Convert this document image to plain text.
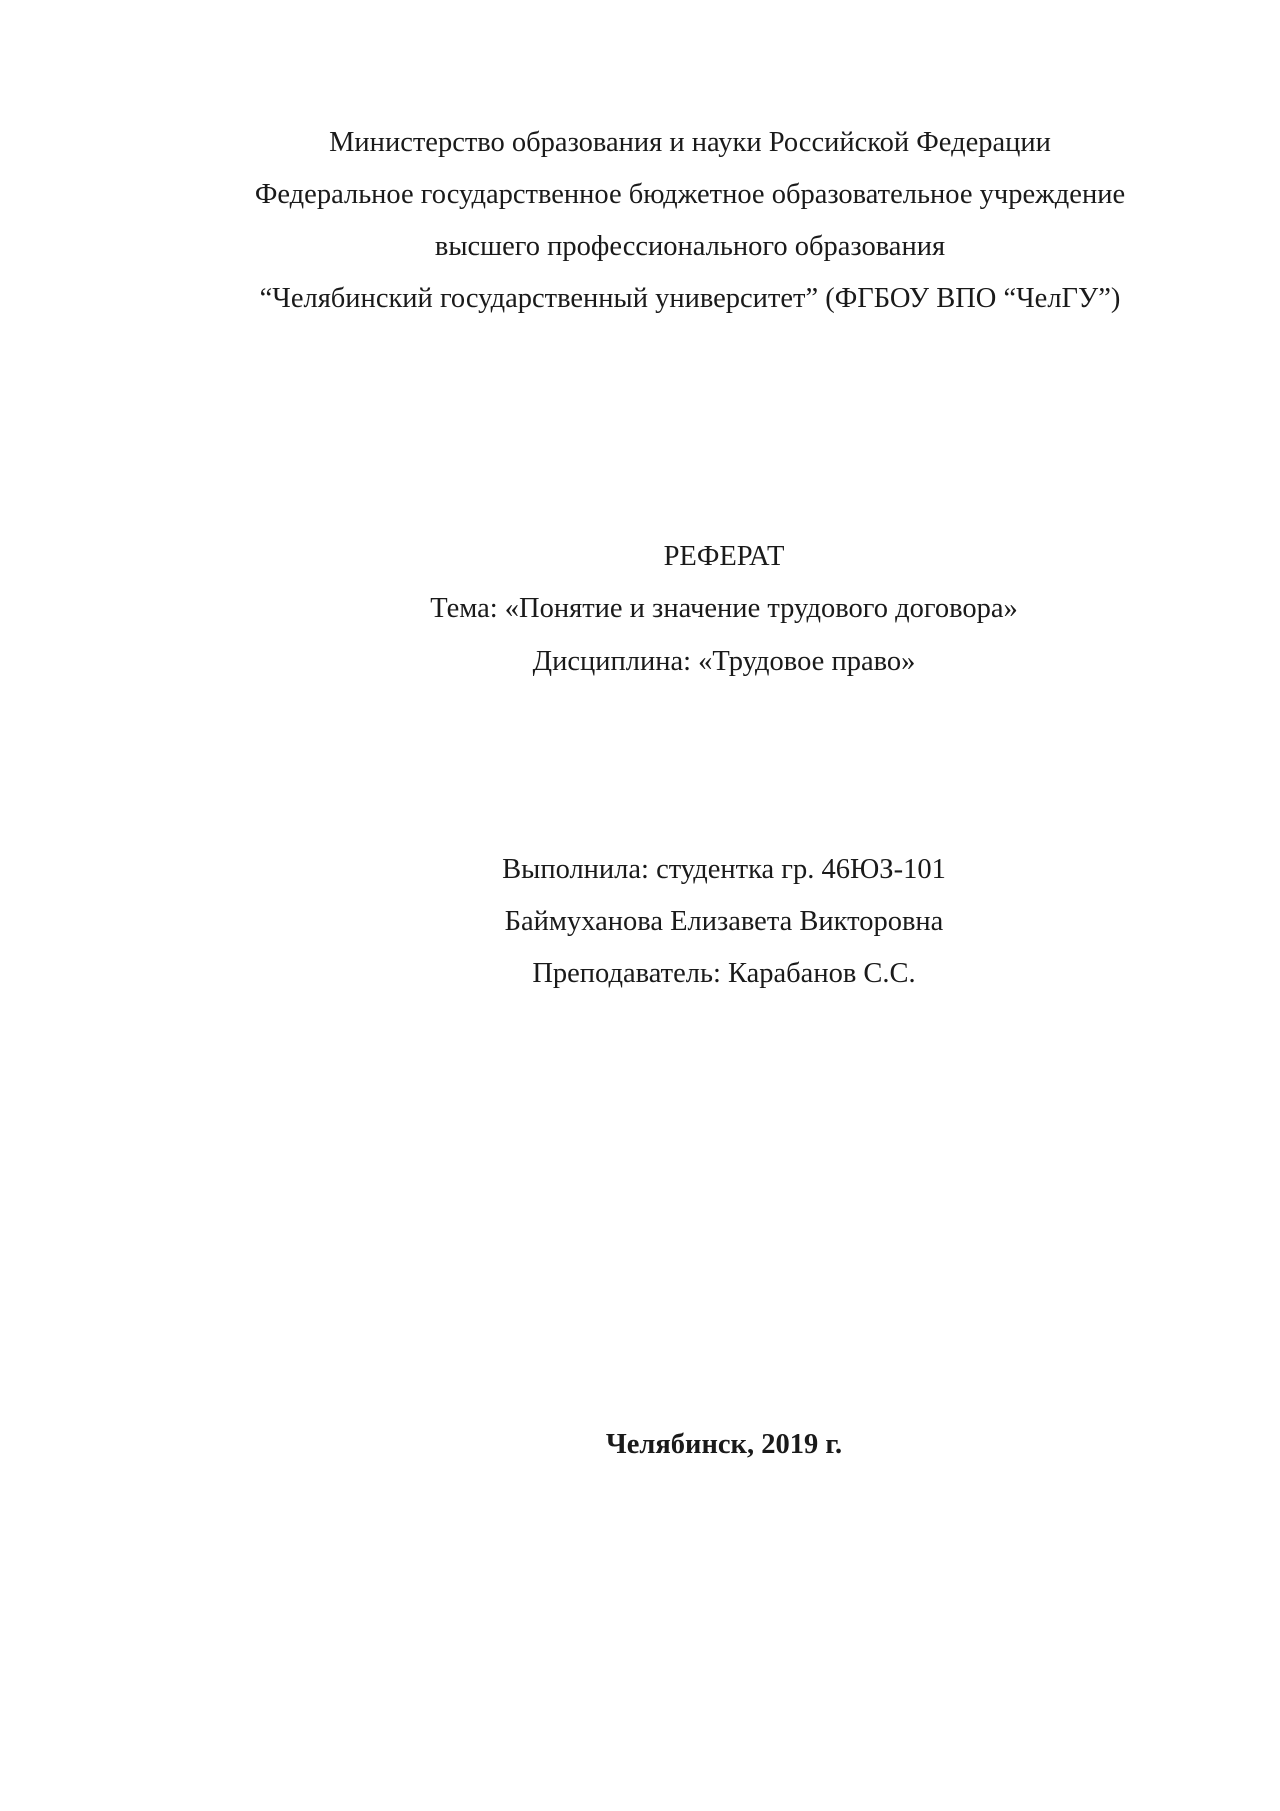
Министерство образования и науки Российской Федерации
Федеральное государственное бюджетное образовательное учреждение
высшего профессионального образования
“Челябинский государственный университет” (ФГБОУ ВПО “ЧелГУ”)
РЕФЕРАТ
Тема: «Понятие и значение трудового договора»
Дисциплина: «Трудовое право»
Выполнила: студентка гр. 46ЮЗ-101
Баймуханова Елизавета Викторовна
Преподаватель: Карабанов С.С.
Челябинск, 2019 г.
